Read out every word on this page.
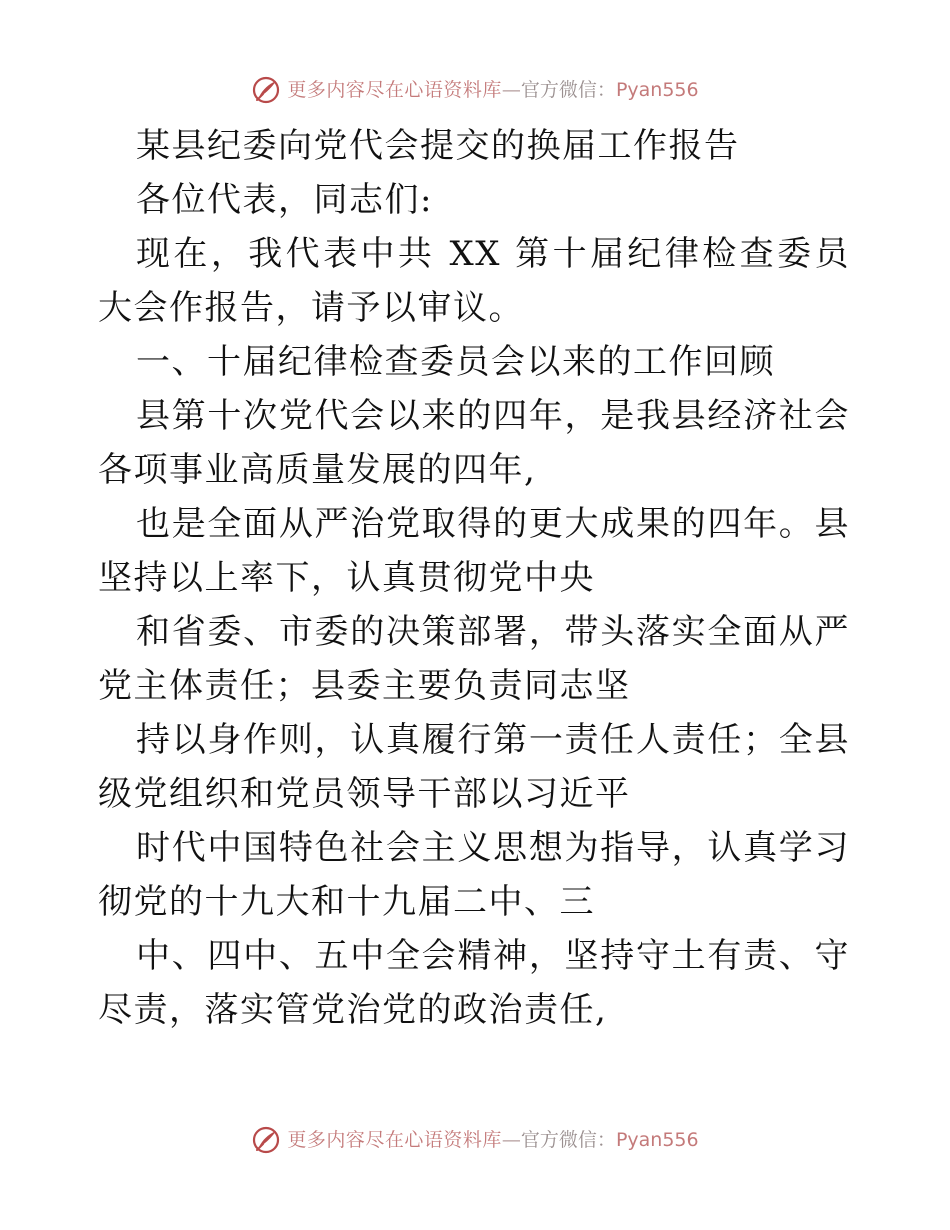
更多内容尽在心语资料库 — 官方微信： Pyan556
某县纪委向党代会提交的换届工作报告
各位代表，同志们:
现在，我代表中共 XX 第十届纪律检查委员
大会作报告，请予以审议。
一、十届纪律检查委员会以来的工作回顾
县第十次党代会以来的四年，是我县经济社会
各项事业高质量发展的四年,
也是全面从严治党取得的更大成果的四年。县
坚持以上率下，认真贯彻党中央
和省委、市委的决策部署，带头落实全面从严
党主体责任；县委主要负责同志坚
持以身作则，认真履行第一责任人责任；全县
级党组织和党员领导干部以习近平
时代中国特色社会主义思想为指导，认真学习
彻党的十九大和十九届二中、三
中、四中、五中全会精神，坚持守土有责、守
尽责，落实管党治党的政治责任,
更多内容尽在心语资料库 — 官方微信： Pyan556
